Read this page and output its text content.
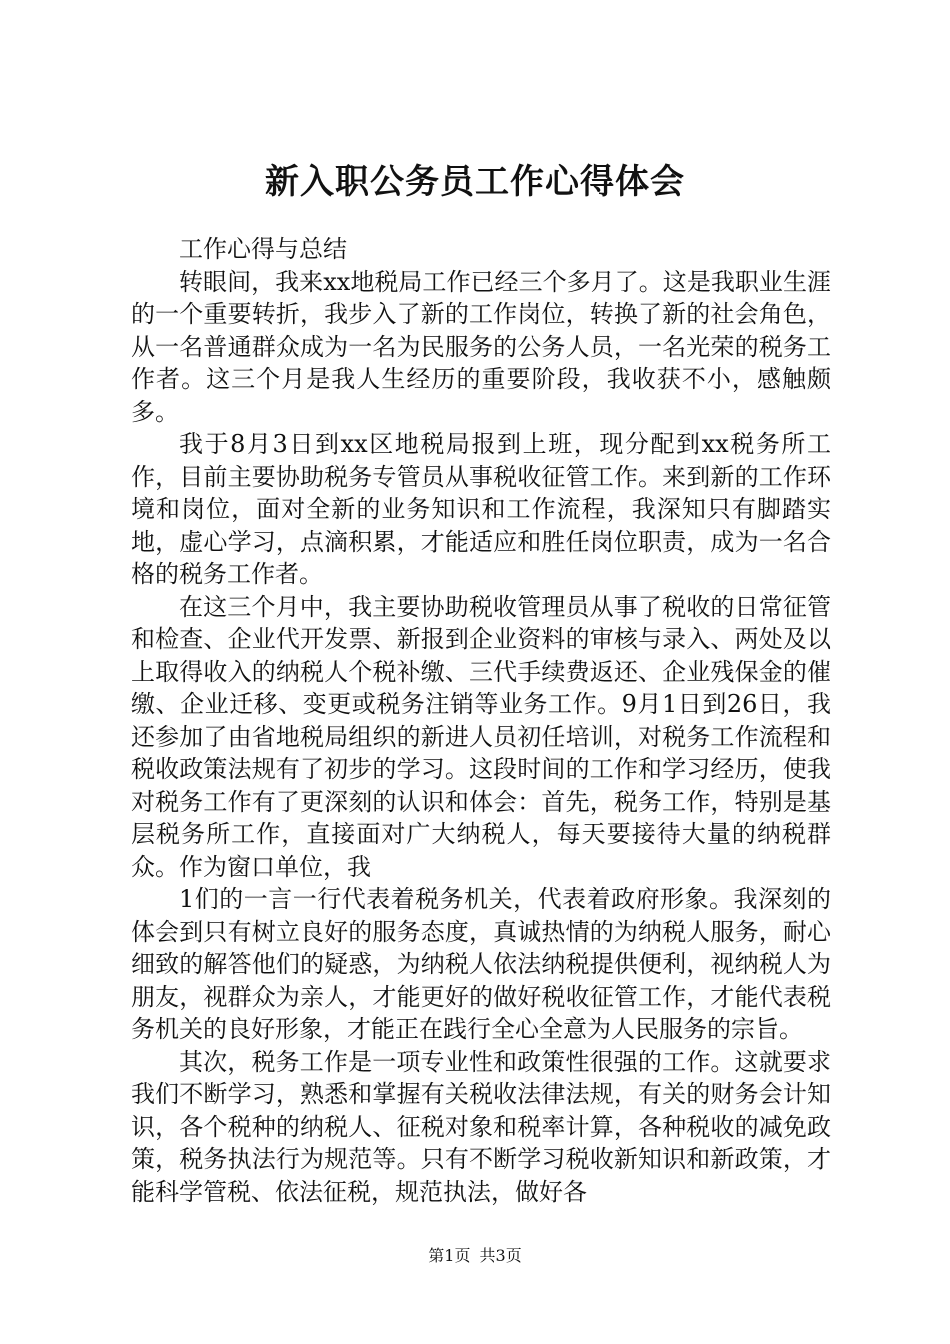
新入职公务员工作心得体会

工作心得与总结

转眼间，我来xx地税局工作已经三个多月了。这是我职业生涯的一个重要转折，我步入了新的工作岗位，转换了新的社会角色，从一名普通群众成为一名为民服务的公务人员，一名光荣的税务工作者。这三个月是我人生经历的重要阶段，我收获不小，感触颇多。

我于8月3日到xx区地税局报到上班，现分配到xx税务所工作，目前主要协助税务专管员从事税收征管工作。来到新的工作环境和岗位，面对全新的业务知识和工作流程，我深知只有脚踏实地，虚心学习，点滴积累，才能适应和胜任岗位职责，成为一名合格的税务工作者。

在这三个月中，我主要协助税收管理员从事了税收的日常征管和检查、企业代开发票、新报到企业资料的审核与录入、两处及以上取得收入的纳税人个税补缴、三代手续费返还、企业残保金的催缴、企业迁移、变更或税务注销等业务工作。9月1日到26日，我还参加了由省地税局组织的新进人员初任培训，对税务工作流程和税收政策法规有了初步的学习。这段时间的工作和学习经历，使我对税务工作有了更深刻的认识和体会：首先，税务工作，特别是基层税务所工作，直接面对广大纳税人，每天要接待大量的纳税群众。作为窗口单位，我

1们的一言一行代表着税务机关，代表着政府形象。我深刻的体会到只有树立良好的服务态度，真诚热情的为纳税人服务，耐心细致的解答他们的疑惑，为纳税人依法纳税提供便利，视纳税人为朋友，视群众为亲人，才能更好的做好税收征管工作，才能代表税务机关的良好形象，才能正在践行全心全意为人民服务的宗旨。

其次，税务工作是一项专业性和政策性很强的工作。这就要求我们不断学习，熟悉和掌握有关税收法律法规，有关的财务会计知识，各个税种的纳税人、征税对象和税率计算，各种税收的减免政策，税务执法行为规范等。只有不断学习税收新知识和新政策，才能科学管税、依法征税，规范执法，做好各

第1页 共3页
